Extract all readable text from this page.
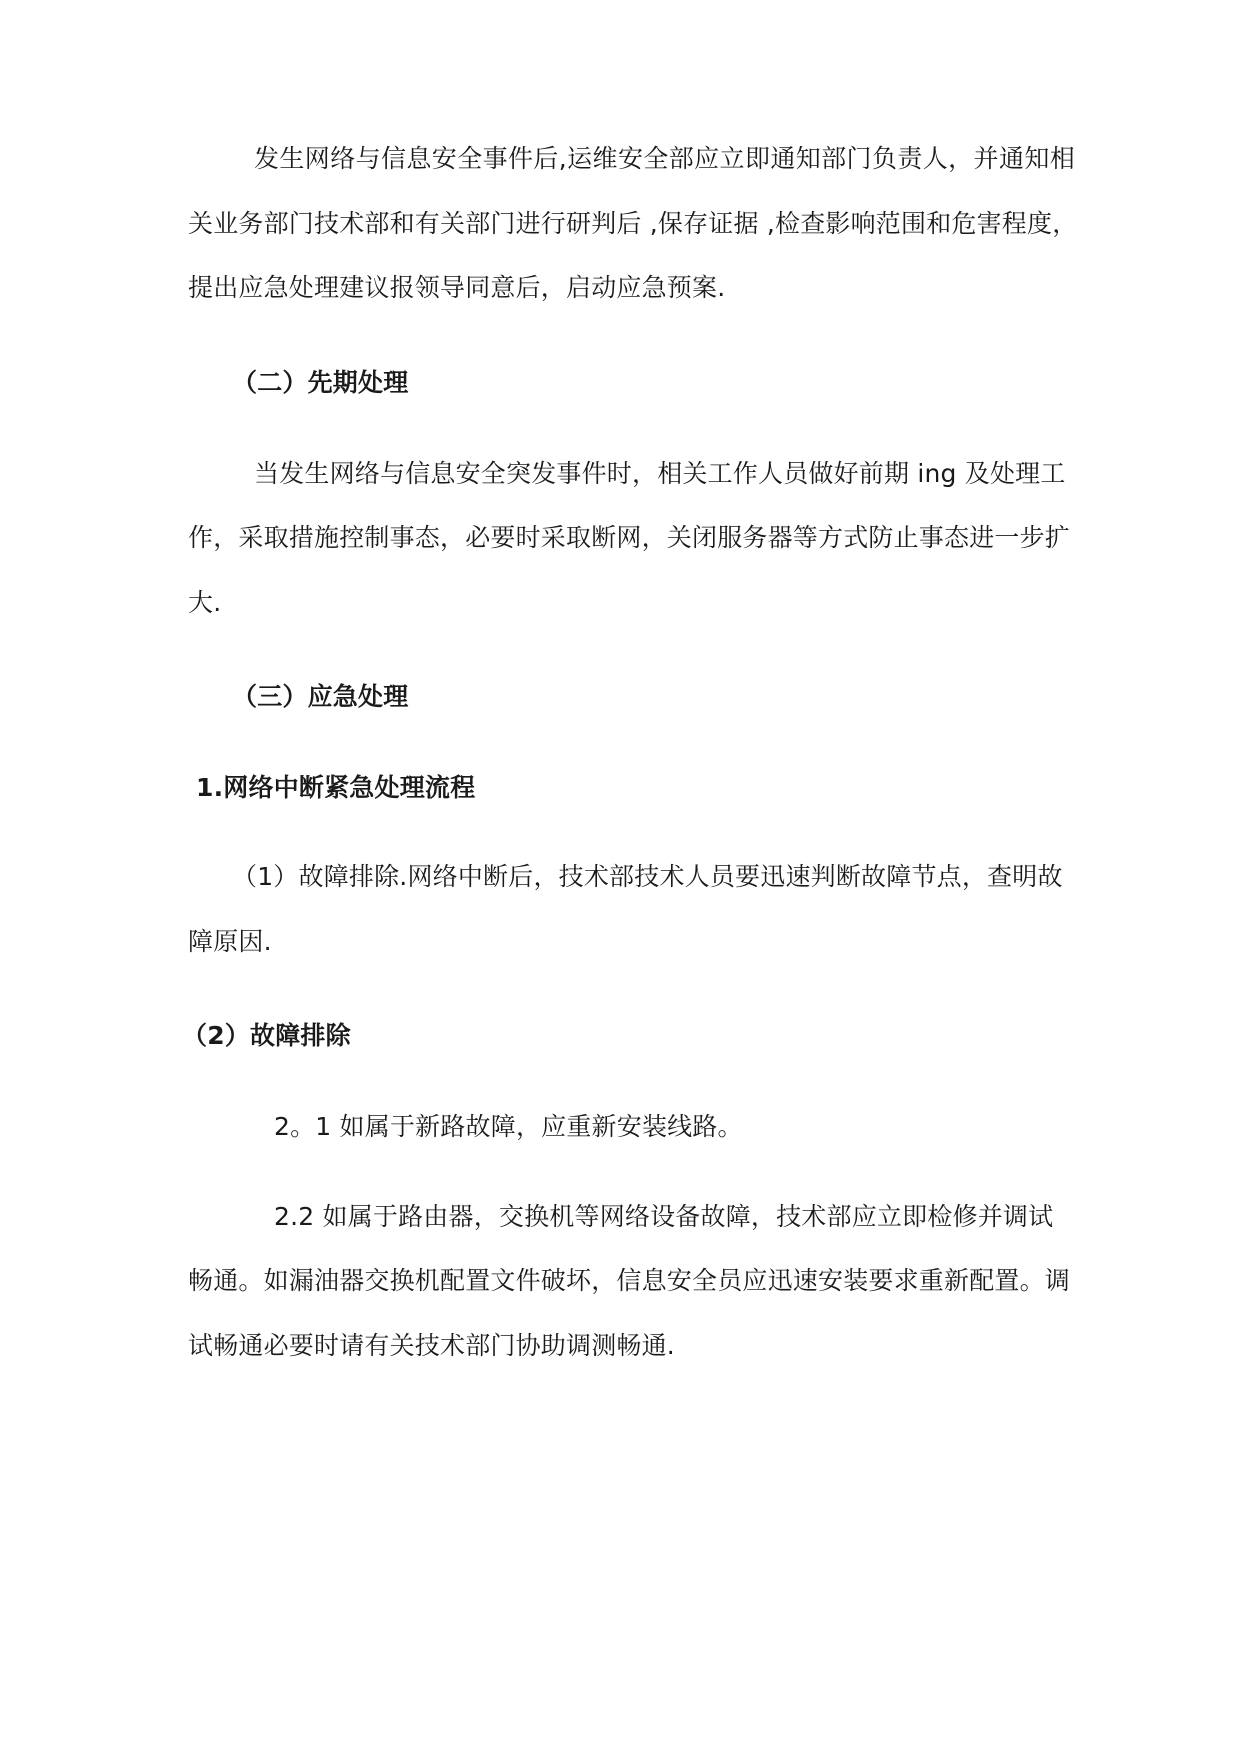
发生网络与信息安全事件后,运维安全部应立即通知部门负责人，并通知相
关业务部门技术部和有关部门进行研判后 ,保存证据 ,检查影响范围和危害程度，
提出应急处理建议报领导同意后，启动应急预案.
（二）先期处理
当发生网络与信息安全突发事件时，相关工作人员做好前期 ing 及处理工
作，采取措施控制事态，必要时采取断网，关闭服务器等方式防止事态进一步扩
大.
（三）应急处理
1.网络中断紧急处理流程
（1）故障排除.网络中断后，技术部技术人员要迅速判断故障节点，查明故
障原因.
（2）故障排除
2。1 如属于新路故障，应重新安装线路。
2.2 如属于路由器，交换机等网络设备故障，技术部应立即检修并调试
畅通。如漏油器交换机配置文件破坏，信息安全员应迅速安装要求重新配置。调
试畅通必要时请有关技术部门协助调测畅通.
